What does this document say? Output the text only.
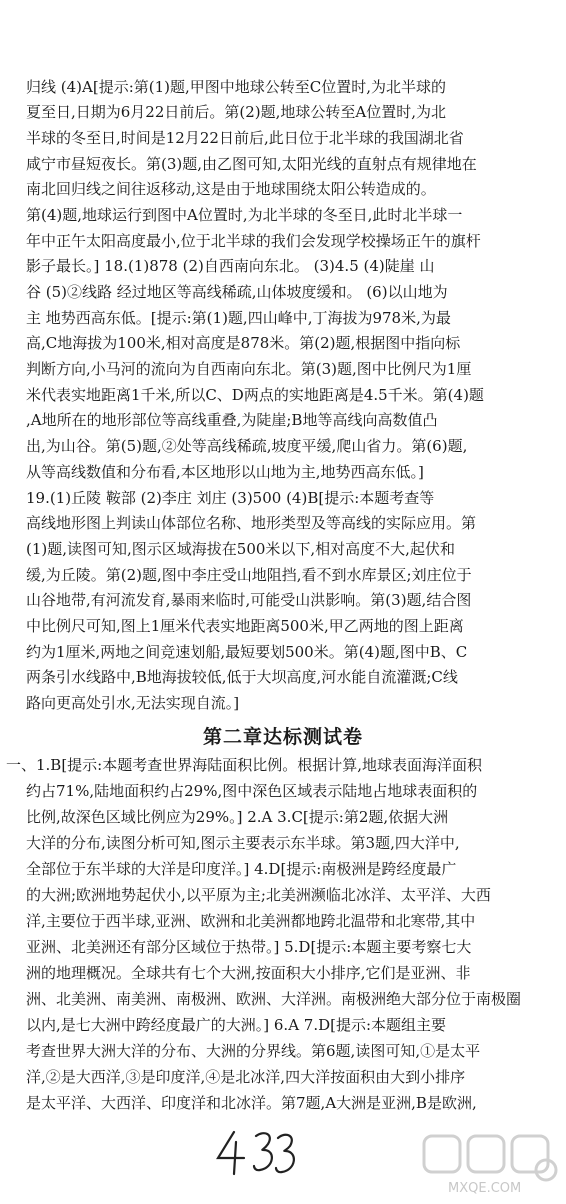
归线 (4)A[提示:第(1)题,甲图中地球公转至C位置时,为北半球的
夏至日,日期为6月22日前后。第(2)题,地球公转至A位置时,为北
半球的冬至日,时间是12月22日前后,此日位于北半球的我国湖北省
咸宁市昼短夜长。第(3)题,由乙图可知,太阳光线的直射点有规律地在
南北回归线之间往返移动,这是由于地球围绕太阳公转造成的。
第(4)题,地球运行到图中A位置时,为北半球的冬至日,此时北半球一
年中正午太阳高度最小,位于北半球的我们会发现学校操场正午的旗杆
影子最长。] 18.(1)878 (2)自西南向东北。 (3)4.5 (4)陡崖 山
谷 (5)②线路 经过地区等高线稀疏,山体坡度缓和。 (6)以山地为
主 地势西高东低。[提示:第(1)题,四山峰中,丁海拔为978米,为最
高,C地海拔为100米,相对高度是878米。第(2)题,根据图中指向标
判断方向,小马河的流向为自西南向东北。第(3)题,图中比例尺为1厘
米代表实地距离1千米,所以C、D两点的实地距离是4.5千米。第(4)题
,A地所在的地形部位等高线重叠,为陡崖;B地等高线向高数值凸
出,为山谷。第(5)题,②处等高线稀疏,坡度平缓,爬山省力。第(6)题,
从等高线数值和分布看,本区地形以山地为主,地势西高东低。]
19.(1)丘陵 鞍部 (2)李庄 刘庄 (3)500 (4)B[提示:本题考查等
高线地形图上判读山体部位名称、地形类型及等高线的实际应用。第
(1)题,读图可知,图示区域海拔在500米以下,相对高度不大,起伏和
缓,为丘陵。第(2)题,图中李庄受山地阻挡,看不到水库景区;刘庄位于
山谷地带,有河流发育,暴雨来临时,可能受山洪影响。第(3)题,结合图
中比例尺可知,图上1厘米代表实地距离500米,甲乙两地的图上距离
约为1厘米,两地之间竞速划船,最短要划500米。第(4)题,图中B、C
两条引水线路中,B地海拔较低,低于大坝高度,河水能自流灌溉;C线
路向更高处引水,无法实现自流。]
第二章达标测试卷
一、1.B[提示:本题考查世界海陆面积比例。根据计算,地球表面海洋面积
约占71%,陆地面积约占29%,图中深色区域表示陆地占地球表面积的
比例,故深色区域比例应为29%。] 2.A 3.C[提示:第2题,依据大洲
大洋的分布,读图分析可知,图示主要表示东半球。第3题,四大洋中,
全部位于东半球的大洋是印度洋。] 4.D[提示:南极洲是跨经度最广
的大洲;欧洲地势起伏小,以平原为主;北美洲濒临北冰洋、太平洋、大西
洋,主要位于西半球,亚洲、欧洲和北美洲都地跨北温带和北寒带,其中
亚洲、北美洲还有部分区域位于热带。] 5.D[提示:本题主要考察七大
洲的地理概况。全球共有七个大洲,按面积大小排序,它们是亚洲、非
洲、北美洲、南美洲、南极洲、欧洲、大洋洲。南极洲绝大部分位于南极圈
以内,是七大洲中跨经度最广的大洲。] 6.A 7.D[提示:本题组主要
考查世界大洲大洋的分布、大洲的分界线。第6题,读图可知,①是太平
洋,②是大西洋,③是印度洋,④是北冰洋,四大洋按面积由大到小排序
是太平洋、大西洋、印度洋和北冰洋。第7题,A大洲是亚洲,B是欧洲,
MXQE.COM
